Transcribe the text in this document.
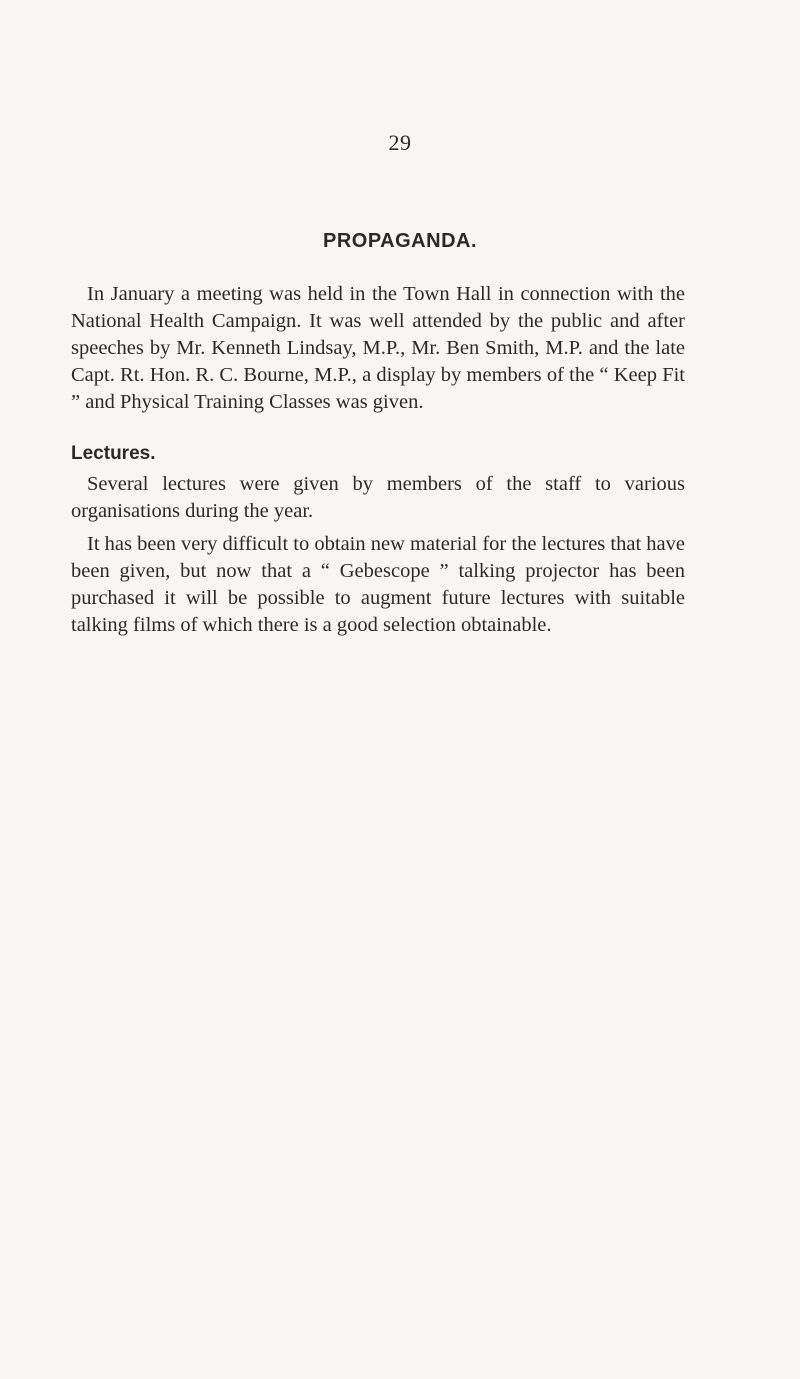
29
PROPAGANDA.

In January a meeting was held in the Town Hall in connection with the National Health Campaign. It was well attended by the public and after speeches by Mr. Kenneth Lindsay, M.P., Mr. Ben Smith, M.P. and the late Capt. Rt. Hon. R. C. Bourne, M.P., a display by members of the “ Keep Fit ” and Physical Training Classes was given.

Lectures.

Several lectures were given by members of the staff to various organisations during the year.

It has been very difficult to obtain new material for the lectures that have been given, but now that a “ Gebescope ” talking projector has been purchased it will be possible to augment future lectures with suitable talking films of which there is a good selection obtainable.
